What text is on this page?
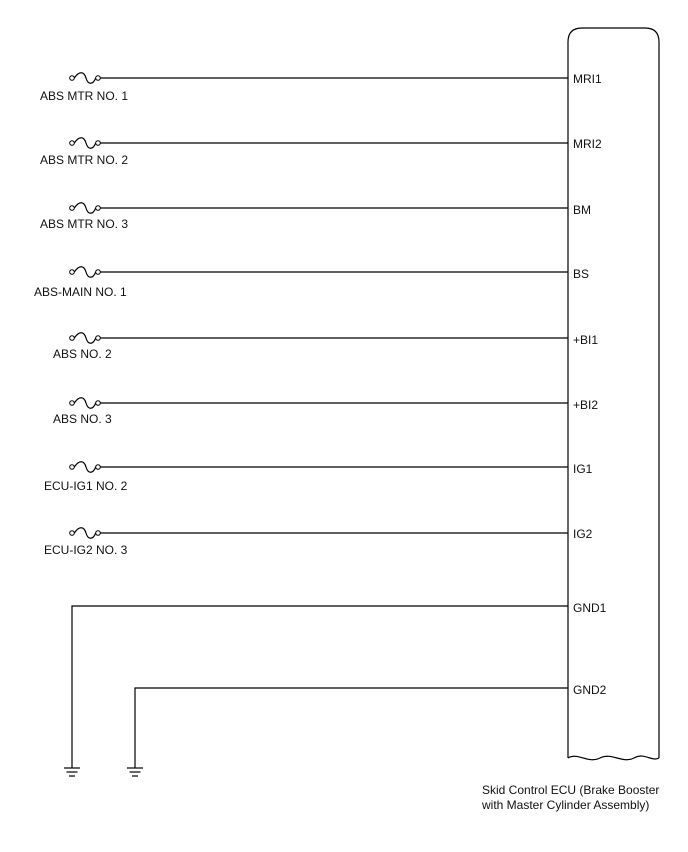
ABS MTR NO. 1
MRI1
ABS MTR NO. 2
MRI2
ABS MTR NO. 3
BM
ABS-MAIN NO. 1
BS
ABS NO. 2
+BI1
ABS NO. 3
+BI2
ECU-IG1 NO. 2
IG1
ECU-IG2 NO. 3
IG2
GND1
GND2
Skid Control ECU (Brake Booster
with Master Cylinder Assembly)
